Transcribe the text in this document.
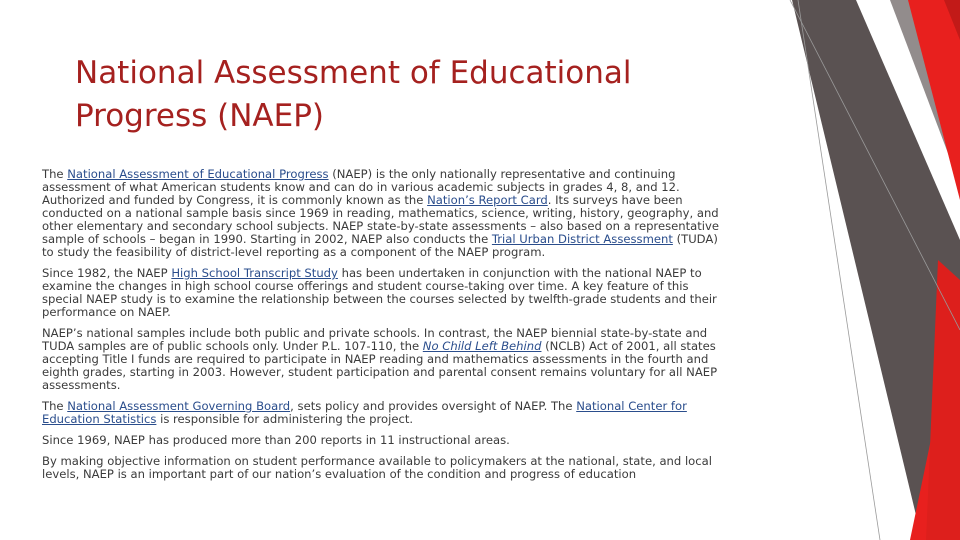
National Assessment of Educational Progress (NAEP)

The National Assessment of Educational Progress (NAEP) is the only nationally representative and continuing assessment of what American students know and can do in various academic subjects in grades 4, 8, and 12. Authorized and funded by Congress, it is commonly known as the Nation’s Report Card. Its surveys have been conducted on a national sample basis since 1969 in reading, mathematics, science, writing, history, geography, and other elementary and secondary school subjects. NAEP state-by-state assessments – also based on a representative sample of schools – began in 1990. Starting in 2002, NAEP also conducts the Trial Urban District Assessment (TUDA) to study the feasibility of district-level reporting as a component of the NAEP program.

Since 1982, the NAEP High School Transcript Study has been undertaken in conjunction with the national NAEP to examine the changes in high school course offerings and student course-taking over time. A key feature of this special NAEP study is to examine the relationship between the courses selected by twelfth-grade students and their performance on NAEP.

NAEP’s national samples include both public and private schools. In contrast, the NAEP biennial state-by-state and TUDA samples are of public schools only. Under P.L. 107-110, the No Child Left Behind (NCLB) Act of 2001, all states accepting Title I funds are required to participate in NAEP reading and mathematics assessments in the fourth and eighth grades, starting in 2003. However, student participation and parental consent remains voluntary for all NAEP assessments.

The National Assessment Governing Board, sets policy and provides oversight of NAEP. The National Center for Education Statistics is responsible for administering the project.

Since 1969, NAEP has produced more than 200 reports in 11 instructional areas.

By making objective information on student performance available to policymakers at the national, state, and local levels, NAEP is an important part of our nation’s evaluation of the condition and progress of education
